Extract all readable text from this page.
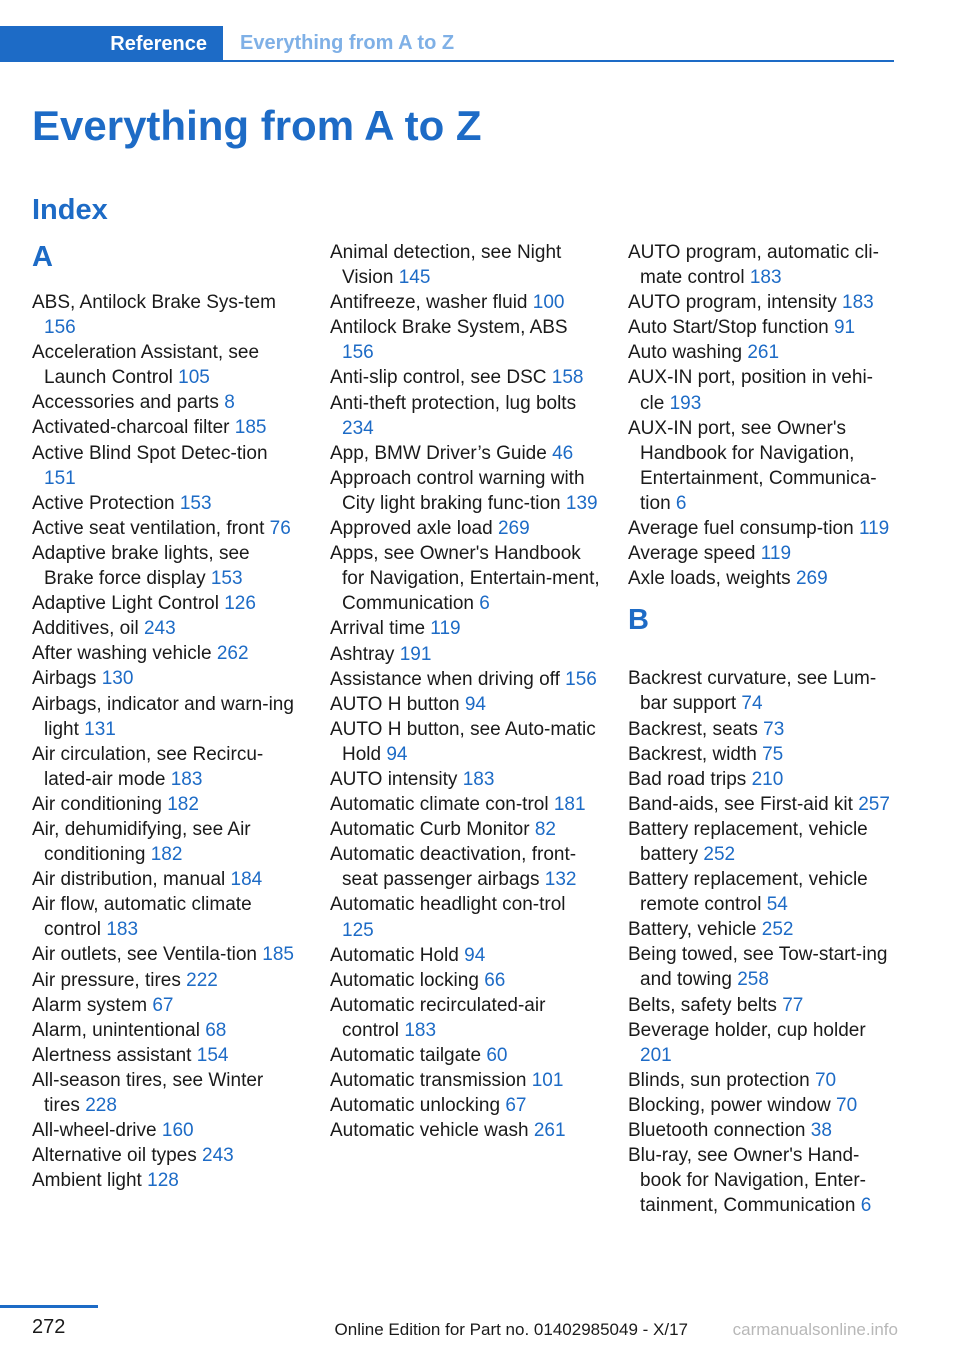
Reference	Everything from A to Z
Everything from A to Z
Index
A
ABS, Antilock Brake Sys-tem 156
Acceleration Assistant, see Launch Control 105
Accessories and parts 8
Activated-charcoal filter 185
Active Blind Spot Detec-tion 151
Active Protection 153
Active seat ventilation, front 76
Adaptive brake lights, see Brake force display 153
Adaptive Light Control 126
Additives, oil 243
After washing vehicle 262
Airbags 130
Airbags, indicator and warn-ing light 131
Air circulation, see Recircu-lated-air mode 183
Air conditioning 182
Air, dehumidifying, see Air conditioning 182
Air distribution, manual 184
Air flow, automatic climate control 183
Air outlets, see Ventila-tion 185
Air pressure, tires 222
Alarm system 67
Alarm, unintentional 68
Alertness assistant 154
All-season tires, see Winter tires 228
All-wheel-drive 160
Alternative oil types 243
Ambient light 128
Animal detection, see Night Vision 145
Antifreeze, washer fluid 100
Antilock Brake System, ABS 156
Anti-slip control, see DSC 158
Anti-theft protection, lug bolts 234
App, BMW Driver’s Guide 46
Approach control warning with City light braking func-tion 139
Approved axle load 269
Apps, see Owner's Handbook for Navigation, Entertain-ment, Communication 6
Arrival time 119
Ashtray 191
Assistance when driving off 156
AUTO H button 94
AUTO H button, see Auto-matic Hold 94
AUTO intensity 183
Automatic climate con-trol 181
Automatic Curb Monitor 82
Automatic deactivation, front-seat passenger airbags 132
Automatic headlight con-trol 125
Automatic Hold 94
Automatic locking 66
Automatic recirculated-air control 183
Automatic tailgate 60
Automatic transmission 101
Automatic unlocking 67
Automatic vehicle wash 261
AUTO program, automatic cli-mate control 183
AUTO program, intensity 183
Auto Start/Stop function 91
Auto washing 261
AUX-IN port, position in vehi-cle 193
AUX-IN port, see Owner's Handbook for Navigation, Entertainment, Communica-tion 6
Average fuel consump-tion 119
Average speed 119
Axle loads, weights 269
B
Backrest curvature, see Lum-bar support 74
Backrest, seats 73
Backrest, width 75
Bad road trips 210
Band-aids, see First-aid kit 257
Battery replacement, vehicle battery 252
Battery replacement, vehicle remote control 54
Battery, vehicle 252
Being towed, see Tow-start-ing and towing 258
Belts, safety belts 77
Beverage holder, cup holder 201
Blinds, sun protection 70
Blocking, power window 70
Bluetooth connection 38
Blu-ray, see Owner's Hand-book for Navigation, Enter-tainment, Communication 6
272	carmanualsonline.info
Online Edition for Part no. 01402985049 - X/17
